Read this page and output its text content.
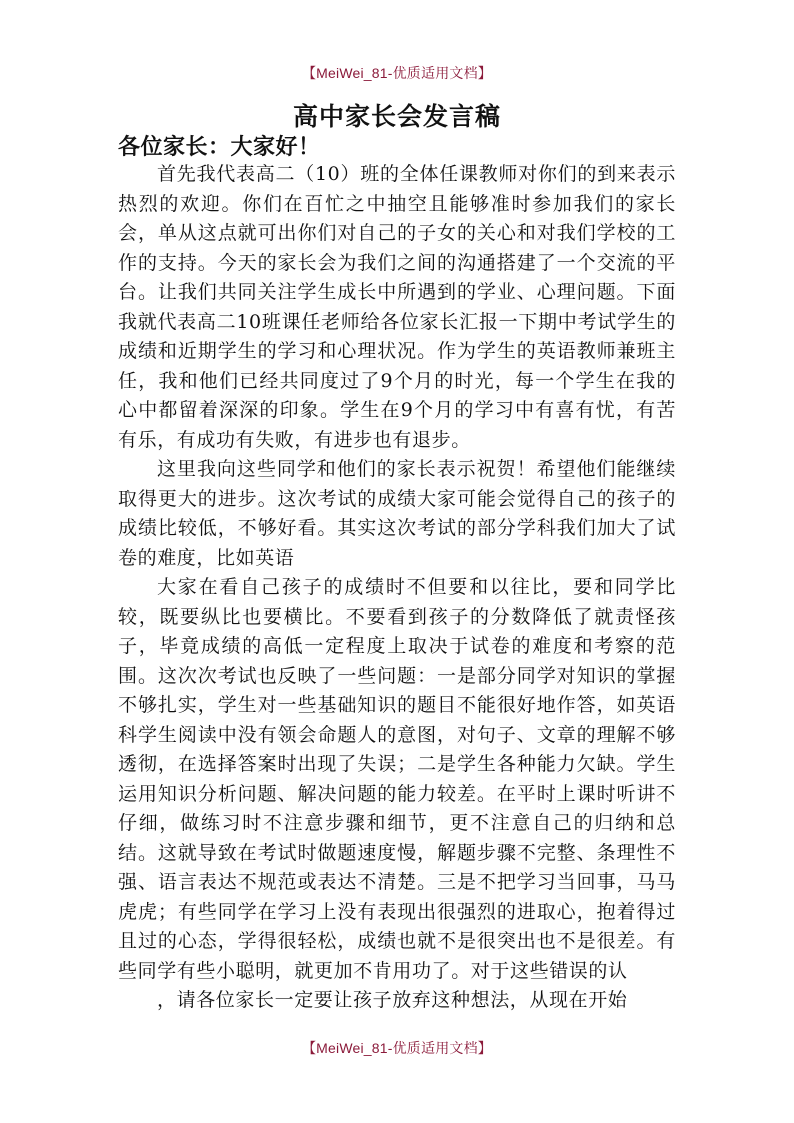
【MeiWei_81-优质适用文档】
高中家长会发言稿
各位家长：大家好！

首先我代表高二（10）班的全体任课教师对你们的到来表示热烈的欢迎。你们在百忙之中抽空且能够准时参加我们的家长会，单从这点就可出你们对自己的子女的关心和对我们学校的工作的支持。今天的家长会为我们之间的沟通搭建了一个交流的平台。让我们共同关注学生成长中所遇到的学业、心理问题。下面我就代表高二10班课任老师给各位家长汇报一下期中考试学生的成绩和近期学生的学习和心理状况。作为学生的英语教师兼班主任，我和他们已经共同度过了9个月的时光，每一个学生在我的心中都留着深深的印象。学生在9个月的学习中有喜有忧，有苦有乐，有成功有失败，有进步也有退步。

这里我向这些同学和他们的家长表示祝贺！希望他们能继续取得更大的进步。这次考试的成绩大家可能会觉得自己的孩子的成绩比较低，不够好看。其实这次考试的部分学科我们加大了试卷的难度，比如英语

大家在看自己孩子的成绩时不但要和以往比，要和同学比较，既要纵比也要横比。不要看到孩子的分数降低了就责怪孩子，毕竟成绩的高低一定程度上取决于试卷的难度和考察的范围。这次次考试也反映了一些问题：一是部分同学对知识的掌握不够扎实，学生对一些基础知识的题目不能很好地作答，如英语科学生阅读中没有领会命题人的意图，对句子、文章的理解不够透彻，在选择答案时出现了失误；二是学生各种能力欠缺。学生运用知识分析问题、解决问题的能力较差。在平时上课时听讲不仔细，做练习时不注意步骤和细节，更不注意自己的归纳和总结。这就导致在考试时做题速度慢，解题步骤不完整、条理性不强、语言表达不规范或表达不清楚。三是不把学习当回事，马马虎虎；有些同学在学习上没有表现出很强烈的进取心，抱着得过且过的心态，学得很轻松，成绩也就不是很突出也不是很差。有些同学有些小聪明，就更加不肯用功了。对于这些错误的认

，请各位家长一定要让孩子放弃这种想法，从现在开始

【MeiWei_81-优质适用文档】
